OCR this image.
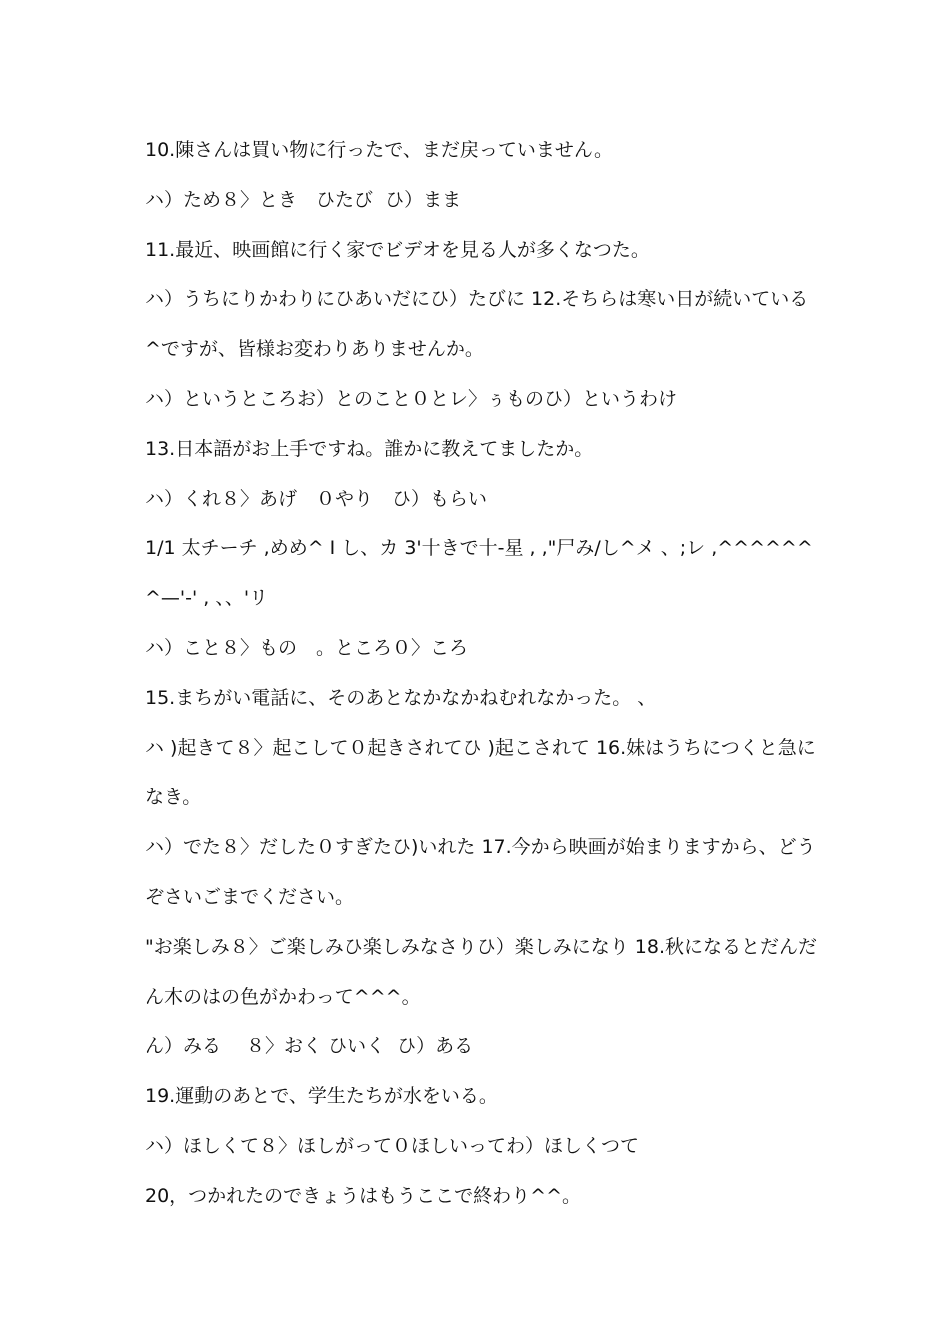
10.陳さんは買い物に行ったで、まだ戻っていません。
ハ）ため８〉とき　ひたび  ひ）まま
11.最近、映画館に行く家でビデオを見る人が多くなつた。
ハ）うちにりかわりにひあいだにひ）たびに 12.そちらは寒い日が続いている
^ですが、皆様お変わりありませんか。
ハ）というところお）とのこと０とレ〉ぅものひ）というわけ
13.日本語がお上手ですね。誰かに教えてましたか。
ハ）くれ８〉あげ　０やり　ひ）もらい
1/1 太チーチ ,めめ^ I し、カ 3'十きで十-星 , ,"尸み/し^メ 、;レ ,^^^^^^
^—'-' , 、、'リ
ハ）こと８〉もの　。ところ０〉ころ
15.まちがい電話に、そのあとなかなかねむれなかった。 、
ハ )起きて８〉起こして０起きされてひ )起こされて 16.妹はうちにつくと急に
なき。
ハ）でた８〉だした０すぎたひ)いれた 17.今から映画が始まりますから、どう
ぞさいごまでください。
"お楽しみ８〉ご楽しみひ楽しみなさりひ）楽しみになり 18.秋になるとだんだ
ん木のはの色がかわって^^^。
ん）みる　 ８〉おく ひいく  ひ）ある
19.運動のあとで、学生たちが水をいる。
ハ）ほしくて８〉ほしがって０ほしいってわ）ほしくつて
20，つかれたのできょうはもうここで終わり^^。
